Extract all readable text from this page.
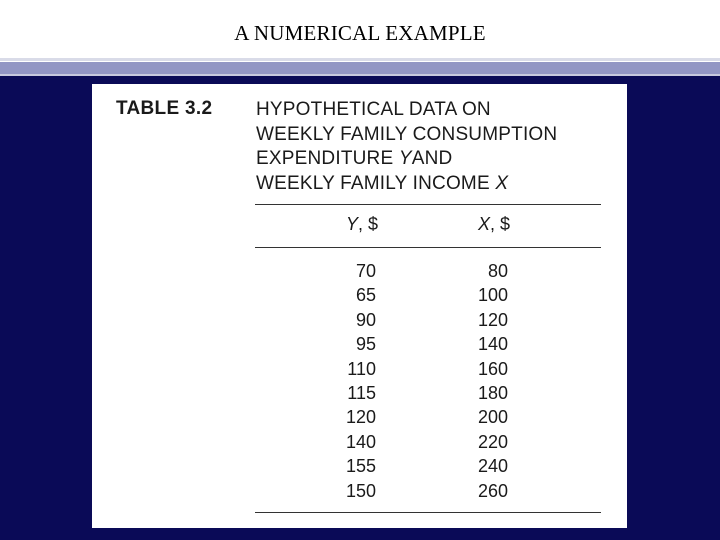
A NUMERICAL EXAMPLE
TABLE 3.2 HYPOTHETICAL DATA ON
WEEKLY FAMILY CONSUMPTION
EXPENDITURE YAND
WEEKLY FAMILY INCOME X
Y, $	X, $
70	80
65	100
90	120
95	140
110	160
115	180
120	200
140	220
155	240
150	260
